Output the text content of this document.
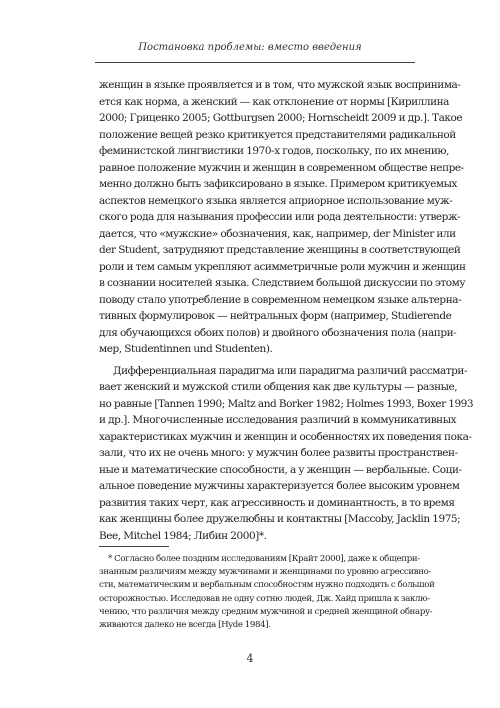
Постановка проблемы: вместо введения
женщин в языке проявляется и в том, что мужской язык воспринима-
ется как норма, а женский — как отклонение от нормы [Кириллина
2000; Гриценко 2005; Gottburgsen 2000; Hornscheidt 2009 и др.]. Такое
положение вещей резко критикуется представителями радикальной
феминистской лингвистики 1970-х годов, поскольку, по их мнению,
равное положение мужчин и женщин в современном обществе непре-
менно должно быть зафиксировано в языке. Примером критикуемых
аспектов немецкого языка является априорное использование муж-
ского рода для называния профессии или рода деятельности: утверж-
дается, что «мужские» обозначения, как, например, der Minister или
der Student, затрудняют представление женщины в соответствующей
роли и тем самым укрепляют асимметричные роли мужчин и женщин
в сознании носителей языка. Следствием большой дискуссии по этому
поводу стало употребление в современном немецком языке альтерна-
тивных формулировок — нейтральных форм (например, Studierende
для обучающихся обоих полов) и двойного обозначения пола (напри-
мер, Studentinnen und Studenten).
Дифференциальная парадигма или парадигма различий рассматри-
вает женский и мужской стили общения как две культуры — разные,
но равные [Tannen 1990; Maltz and Borker 1982; Holmes 1993, Boxer 1993
и др.]. Многочисленные исследования различий в коммуникативных
характеристиках мужчин и женщин и особенностях их поведения пока-
зали, что их не очень много: у мужчин более развиты пространствен-
ные и математические способности, а у женщин — вербальные. Соци-
альное поведение мужчины характеризуется более высоким уровнем
развития таких черт, как агрессивность и доминантность, в то время
как женщины более дружелюбны и контактны [Maccoby, Jacklin 1975;
Bee, Mitchel 1984; Либин 2000]*.
* Согласно более поздним исследованиям [Крайт 2000], даже к общепри-
знанным различиям между мужчинами и женщинами по уровню агрессивно-
сти, математическим и вербальным способностям нужно подходить с большой
осторожностью. Исследовав не одну сотню людей, Дж. Хайд пришла к заклю-
чению, что различия между средним мужчиной и средней женщиной обнару-
живаются далеко не всегда [Hyde 1984].
4
